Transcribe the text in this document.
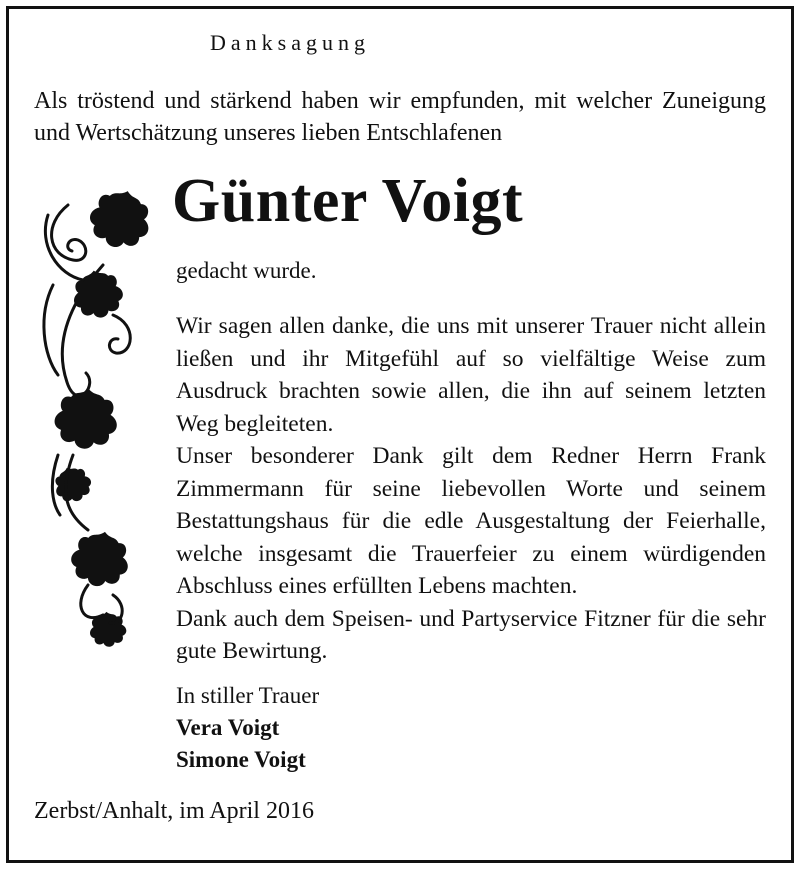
Danksagung
Als tröstend und stärkend haben wir empfunden, mit welcher Zuneigung und Wertschätzung unseres lieben Entschlafenen
Günter Voigt
gedacht wurde.

Wir sagen allen danke, die uns mit unserer Trauer nicht allein ließen und ihr Mitgefühl auf so vielfältige Weise zum Ausdruck brachten sowie allen, die ihn auf seinem letzten Weg begleiteten.

Unser besonderer Dank gilt dem Redner Herrn Frank Zimmermann für seine liebevollen Worte und seinem Bestattungshaus für die edle Ausgestaltung der Feierhalle, welche insgesamt die Trauerfeier zu einem würdigenden Abschluss eines erfüllten Lebens machten.

Dank auch dem Speisen- und Partyservice Fitzner für die sehr gute Bewirtung.

In stiller Trauer
Vera Voigt
Simone Voigt
Zerbst/Anhalt, im April 2016
